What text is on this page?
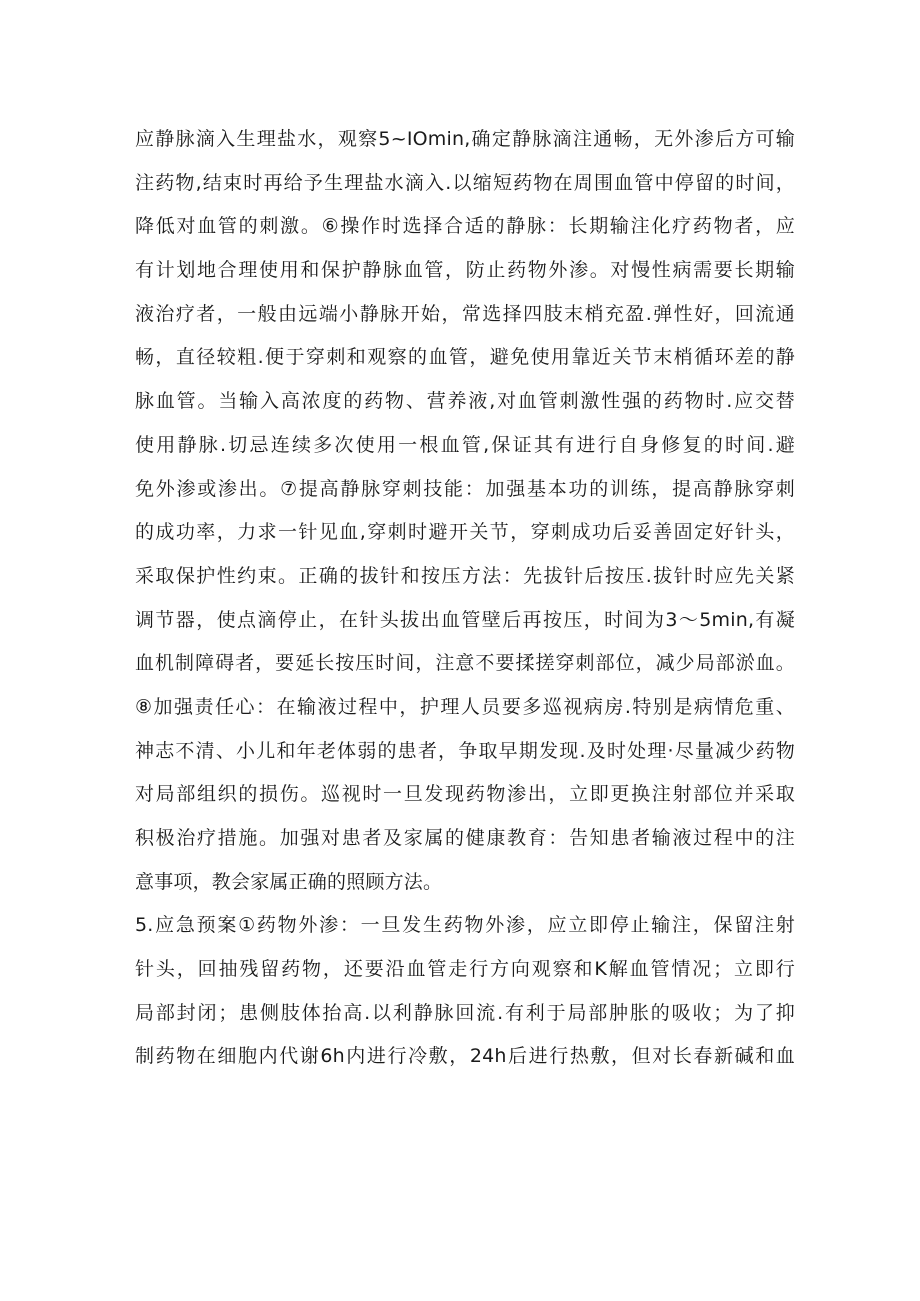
应静脉滴入生理盐水，观察5~IOmin,确定静脉滴注通畅，无外渗后方可输
注药物,结束时再给予生理盐水滴入.以缩短药物在周围血管中停留的时间，
降低对血管的刺激。⑥操作时选择合适的静脉：长期输注化疗药物者，应
有计划地合理使用和保护静脉血管，防止药物外渗。对慢性病需要长期输
液治疗者，一般由远端小静脉开始，常选择四肢末梢充盈.弹性好，回流通
畅，直径较粗.便于穿刺和观察的血管，避免使用靠近关节末梢循环差的静
脉血管。当输入高浓度的药物、营养液,对血管刺激性强的药物时.应交替
使用静脉.切忌连续多次使用一根血管,保证其有进行自身修复的时间.避
免外渗或渗出。⑦提高静脉穿刺技能：加强基本功的训练，提高静脉穿刺
的成功率，力求一针见血,穿刺时避开关节，穿刺成功后妥善固定好针头，
采取保护性约束。正确的拔针和按压方法：先拔针后按压.拔针时应先关紧
调节器，使点滴停止，在针头拔出血管壁后再按压，时间为3～5min,有凝
血机制障碍者，要延长按压时间，注意不要揉搓穿刺部位，减少局部淤血。
⑧加强责任心：在输液过程中，护理人员要多巡视病房.特别是病情危重、
神志不清、小儿和年老体弱的患者，争取早期发现.及时处理·尽量减少药物
对局部组织的损伤。巡视时一旦发现药物渗出，立即更换注射部位并采取
积极治疗措施。加强对患者及家属的健康教育：告知患者输液过程中的注
意事项，教会家属正确的照顾方法。
5.应急预案①药物外渗：一旦发生药物外渗，应立即停止输注，保留注射
针头，回抽残留药物，还要沿血管走行方向观察和K解血管情况；立即行
局部封闭；患侧肢体抬高.以利静脉回流.有利于局部肿胀的吸收；为了抑
制药物在细胞内代谢6h内进行冷敷，24h后进行热敷，但对长春新碱和血
